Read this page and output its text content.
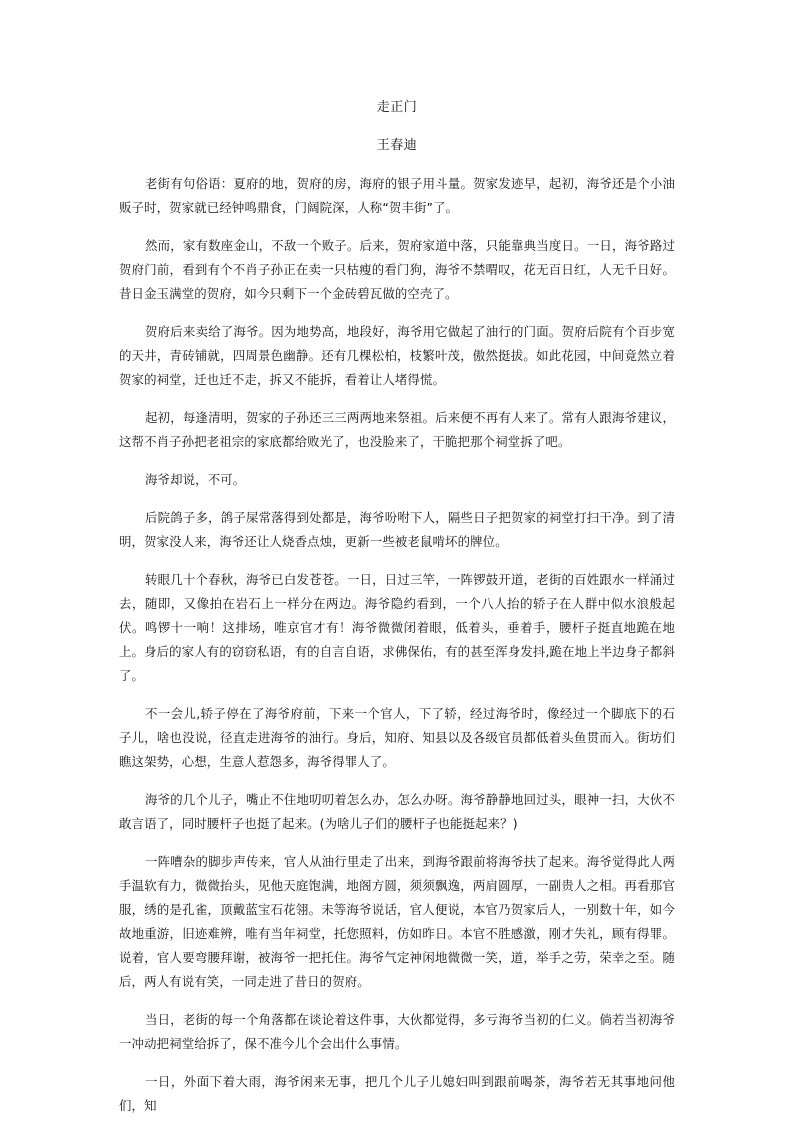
走正门
王春迪

老街有句俗语：夏府的地，贺府的房，海府的银子用斗量。贺家发迹早，起初，海爷还是个小油贩子时，贺家就已经钟鸣鼎食，门阔院深，人称“贺丰街”了。

然而，家有数座金山，不敌一个败子。后来，贺府家道中落，只能靠典当度日。一日，海爷路过贺府门前，看到有个不肖子孙正在卖一只枯瘦的看门狗，海爷不禁喟叹，花无百日红，人无千日好。昔日金玉满堂的贺府，如今只剩下一个金砖碧瓦做的空壳了。

贺府后来卖给了海爷。因为地势高，地段好，海爷用它做起了油行的门面。贺府后院有个百步宽的天井，青砖铺就，四周景色幽静。还有几棵松柏，枝繁叶茂，傲然挺拔。如此花园，中间竟然立着贺家的祠堂，迁也迁不走，拆又不能拆，看着让人堵得慌。

起初，每逢清明，贺家的子孙还三三两两地来祭祖。后来便不再有人来了。常有人跟海爷建议，这帮不肖子孙把老祖宗的家底都给败光了，也没脸来了，干脆把那个祠堂拆了吧。

海爷却说，不可。

后院鸽子多，鸽子屎常落得到处都是，海爷吩咐下人，隔些日子把贺家的祠堂打扫干净。到了清明，贺家没人来，海爷还让人烧香点烛，更新一些被老鼠啃坏的牌位。

转眼几十个春秋，海爷已白发苍苍。一日，日过三竿，一阵锣鼓开道，老街的百姓跟水一样涌过去，随即，又像拍在岩石上一样分在两边。海爷隐约看到，一个八人抬的轿子在人群中似水浪般起伏。鸣锣十一响！这排场，唯京官才有！海爷微微闭着眼，低着头，垂着手，腰杆子挺直地跪在地上。身后的家人有的窃窃私语，有的自言自语，求佛保佑，有的甚至浑身发抖,跪在地上半边身子都斜了。

不一会儿,轿子停在了海爷府前，下来一个官人，下了轿，经过海爷时，像经过一个脚底下的石子儿，啥也没说，径直走进海爷的油行。身后，知府、知县以及各级官员都低着头鱼贯而入。街坊们瞧这架势，心想，生意人惹怨多，海爷得罪人了。

海爷的几个儿子，嘴止不住地叨叨着怎么办，怎么办呀。海爷静静地回过头，眼神一扫，大伙不敢言语了，同时腰杆子也挺了起来。(为啥儿子们的腰杆子也能挺起来？)

一阵嘈杂的脚步声传来，官人从油行里走了出来，到海爷跟前将海爷扶了起来。海爷觉得此人两手温软有力，微微抬头，见他天庭饱满，地阁方圆，须须飘逸，两肩圆厚，一副贵人之相。再看那官服，绣的是孔雀，顶戴蓝宝石花翎。未等海爷说话，官人便说，本官乃贺家后人，一别数十年，如今故地重游，旧迹难辨，唯有当年祠堂，托您照料，仿如昨日。本官不胜感激，刚才失礼，顾有得罪。说着，官人要弯腰拜谢，被海爷一把托住。海爷气定神闲地微微一笑，道，举手之劳，荣幸之至。随后，两人有说有笑，一同走进了昔日的贺府。

当日，老街的每一个角落都在谈论着这件事，大伙都觉得，多亏海爷当初的仁义。倘若当初海爷一冲动把祠堂给拆了，保不准今儿个会出什么事情。

一日，外面下着大雨，海爷闲来无事，把几个儿子儿媳妇叫到跟前喝茶，海爷若无其事地问他们，知
